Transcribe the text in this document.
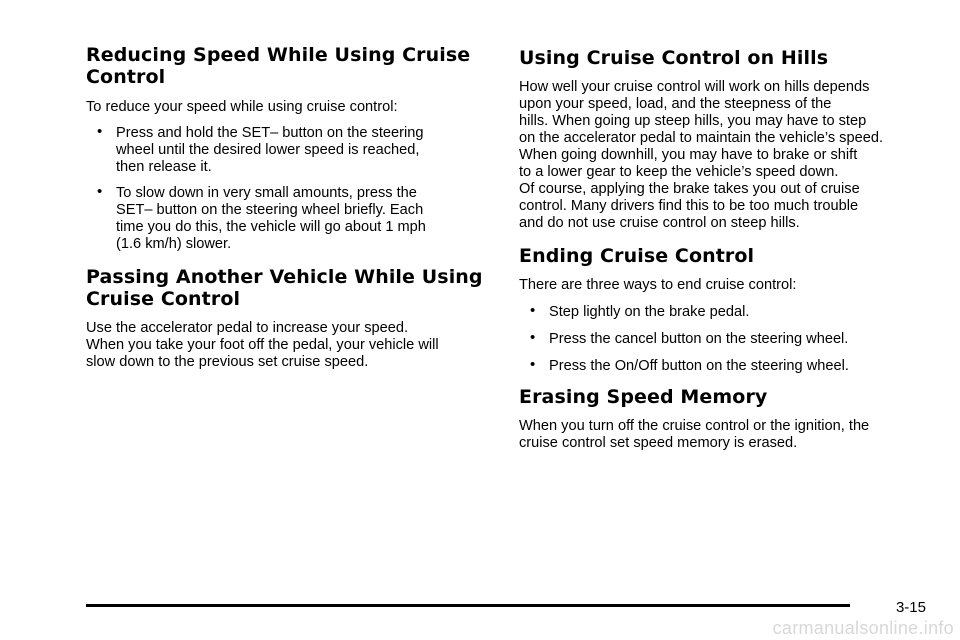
Reducing Speed While Using Cruise
Control

To reduce your speed while using cruise control:

• Press and hold the SET– button on the steering
wheel until the desired lower speed is reached,
then release it.
• To slow down in very small amounts, press the
SET– button on the steering wheel briefly. Each
time you do this, the vehicle will go about 1 mph
(1.6 km/h) slower.
Passing Another Vehicle While Using
Cruise Control

Use the accelerator pedal to increase your speed.
When you take your foot off the pedal, your vehicle will
slow down to the previous set cruise speed.

Using Cruise Control on Hills

How well your cruise control will work on hills depends
upon your speed, load, and the steepness of the
hills. When going up steep hills, you may have to step
on the accelerator pedal to maintain the vehicle’s speed.
When going downhill, you may have to brake or shift
to a lower gear to keep the vehicle’s speed down.
Of course, applying the brake takes you out of cruise
control. Many drivers find this to be too much trouble
and do not use cruise control on steep hills.

Ending Cruise Control

There are three ways to end cruise control:

• Step lightly on the brake pedal.
• Press the cancel button on the steering wheel.
• Press the On/Off button on the steering wheel.
Erasing Speed Memory

When you turn off the cruise control or the ignition, the
cruise control set speed memory is erased.

3-15
carmanualsonline.info
